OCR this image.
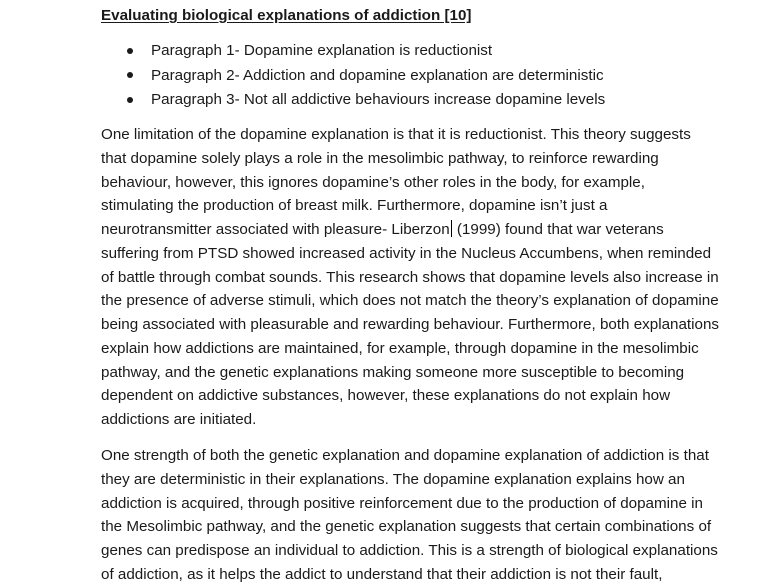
Evaluating biological explanations of addiction [10]
Paragraph 1- Dopamine explanation is reductionist
Paragraph 2- Addiction and dopamine explanation are deterministic
Paragraph 3- Not all addictive behaviours increase dopamine levels
One limitation of the dopamine explanation is that it is reductionist. This theory suggests
that dopamine solely plays a role in the mesolimbic pathway, to reinforce rewarding
behaviour, however, this ignores dopamine’s other roles in the body, for example,
stimulating the production of breast milk. Furthermore, dopamine isn’t just a
neurotransmitter associated with pleasure- Liberzon (1999) found that war veterans
suffering from PTSD showed increased activity in the Nucleus Accumbens, when reminded
of battle through combat sounds. This research shows that dopamine levels also increase in
the presence of adverse stimuli, which does not match the theory’s explanation of dopamine
being associated with pleasurable and rewarding behaviour. Furthermore, both explanations
explain how addictions are maintained, for example, through dopamine in the mesolimbic
pathway, and the genetic explanations making someone more susceptible to becoming
dependent on addictive substances, however, these explanations do not explain how
addictions are initiated.
One strength of both the genetic explanation and dopamine explanation of addiction is that
they are deterministic in their explanations. The dopamine explanation explains how an
addiction is acquired, through positive reinforcement due to the production of dopamine in
the Mesolimbic pathway, and the genetic explanation suggests that certain combinations of
genes can predispose an individual to addiction. This is a strength of biological explanations
of addiction, as it helps the addict to understand that their addiction is not their fault,
